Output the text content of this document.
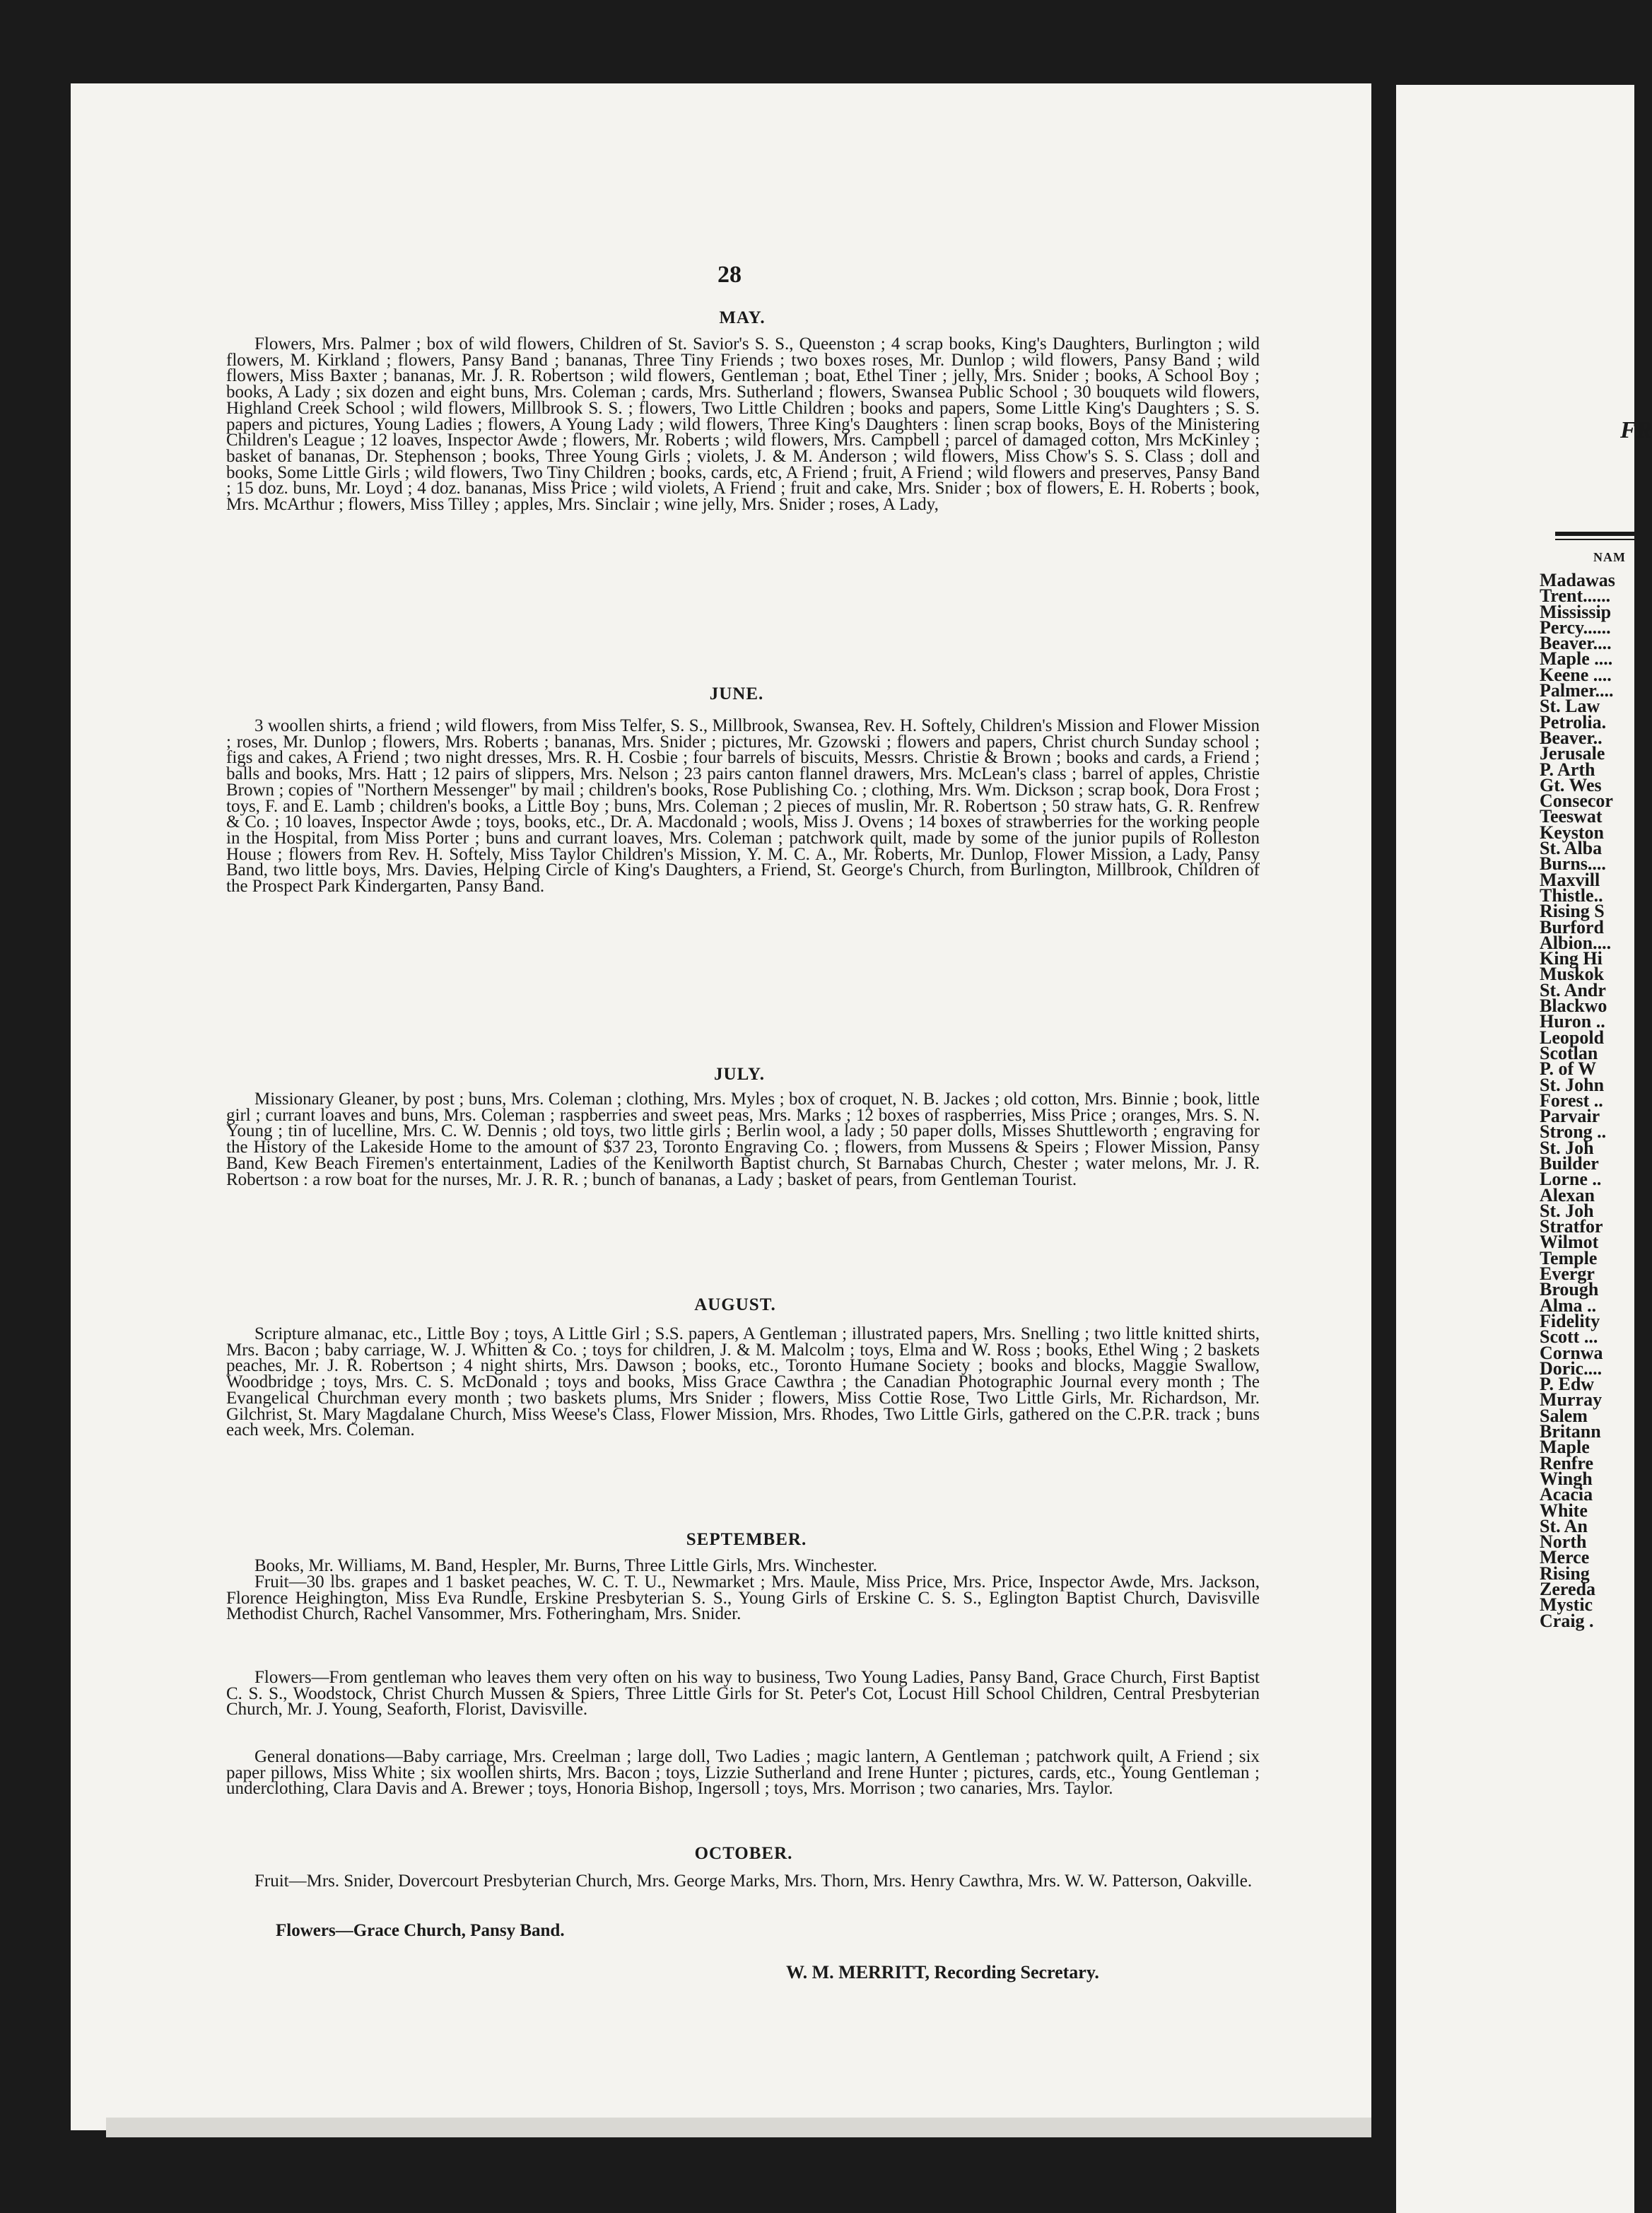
28
MAY.
Flowers, Mrs. Palmer ; box of wild flowers, Children of St. Savior's S. S., Queenston ; 4 scrap books, King's Daughters, Burlington ; wild flowers, M. Kirkland ; flowers, Pansy Band ; bananas, Three Tiny Friends ; two boxes roses, Mr. Dunlop ; wild flowers, Pansy Band ; wild flowers, Miss Baxter ; bananas, Mr. J. R. Robertson ; wild flowers, Gentleman ; boat, Ethel Tiner ; jelly, Mrs. Snider ; books, A School Boy ; books, A Lady ; six dozen and eight buns, Mrs. Coleman ; cards, Mrs. Sutherland ; flowers, Swansea Public School ; 30 bouquets wild flowers, Highland Creek School ; wild flowers, Millbrook S. S. ; flowers, Two Little Children ; books and papers, Some Little King's Daughters ; S. S. papers and pictures, Young Ladies ; flowers, A Young Lady ; wild flowers, Three King's Daughters : linen scrap books, Boys of the Ministering Children's League ; 12 loaves, Inspector Awde ; flowers, Mr. Roberts ; wild flowers, Mrs. Campbell ; parcel of damaged cotton, Mrs McKinley ; basket of bananas, Dr. Stephenson ; books, Three Young Girls ; violets, J. & M. Anderson ; wild flowers, Miss Chow's S. S. Class ; doll and books, Some Little Girls ; wild flowers, Two Tiny Children ; books, cards, etc, A Friend ; fruit, A Friend ; wild flowers and preserves, Pansy Band ; 15 doz. buns, Mr. Loyd ; 4 doz. bananas, Miss Price ; wild violets, A Friend ; fruit and cake, Mrs. Snider ; box of flowers, E. H. Roberts ; book, Mrs. McArthur ; flowers, Miss Tilley ; apples, Mrs. Sinclair ; wine jelly, Mrs. Snider ; roses, A Lady,
JUNE.
3 woollen shirts, a friend ; wild flowers, from Miss Telfer, S. S., Millbrook, Swansea, Rev. H. Softely, Children's Mission and Flower Mission ; roses, Mr. Dunlop ; flowers, Mrs. Roberts ; bananas, Mrs. Snider ; pictures, Mr. Gzowski ; flowers and papers, Christ church Sunday school ; figs and cakes, A Friend ; two night dresses, Mrs. R. H. Cosbie ; four barrels of biscuits, Messrs. Christie & Brown ; books and cards, a Friend ; balls and books, Mrs. Hatt ; 12 pairs of slippers, Mrs. Nelson ; 23 pairs canton flannel drawers, Mrs. McLean's class ; barrel of apples, Christie Brown ; copies of "Northern Messenger" by mail ; children's books, Rose Publishing Co. ; clothing, Mrs. Wm. Dickson ; scrap book, Dora Frost ; toys, F. and E. Lamb ; children's books, a Little Boy ; buns, Mrs. Coleman ; 2 pieces of muslin, Mr. R. Robertson ; 50 straw hats, G. R. Renfrew & Co. ; 10 loaves, Inspector Awde ; toys, books, etc., Dr. A. Macdonald ; wools, Miss J. Ovens ; 14 boxes of strawberries for the working people in the Hospital, from Miss Porter ; buns and currant loaves, Mrs. Coleman ; patchwork quilt, made by some of the junior pupils of Rolleston House ; flowers from Rev. H. Softely, Miss Taylor Children's Mission, Y. M. C. A., Mr. Roberts, Mr. Dunlop, Flower Mission, a Lady, Pansy Band, two little boys, Mrs. Davies, Helping Circle of King's Daughters, a Friend, St. George's Church, from Burlington, Millbrook, Children of the Prospect Park Kindergarten, Pansy Band.
JULY.
Missionary Gleaner, by post ; buns, Mrs. Coleman ; clothing, Mrs. Myles ; box of croquet, N. B. Jackes ; old cotton, Mrs. Binnie ; book, little girl ; currant loaves and buns, Mrs. Coleman ; raspberries and sweet peas, Mrs. Marks ; 12 boxes of raspberries, Miss Price ; oranges, Mrs. S. N. Young ; tin of lucelline, Mrs. C. W. Dennis ; old toys, two little girls ; Berlin wool, a lady ; 50 paper dolls, Misses Shuttleworth ; engraving for the History of the Lakeside Home to the amount of $37 23, Toronto Engraving Co. ; flowers, from Mussens & Speirs ; Flower Mission, Pansy Band, Kew Beach Firemen's entertainment, Ladies of the Kenilworth Baptist church, St Barnabas Church, Chester ; water melons, Mr. J. R. Robertson : a row boat for the nurses, Mr. J. R. R. ; bunch of bananas, a Lady ; basket of pears, from Gentleman Tourist.
AUGUST.
Scripture almanac, etc., Little Boy ; toys, A Little Girl ; S.S. papers, A Gentleman ; illustrated papers, Mrs. Snelling ; two little knitted shirts, Mrs. Bacon ; baby carriage, W. J. Whitten & Co. ; toys for children, J. & M. Malcolm ; toys, Elma and W. Ross ; books, Ethel Wing ; 2 baskets peaches, Mr. J. R. Robertson ; 4 night shirts, Mrs. Dawson ; books, etc., Toronto Humane Society ; books and blocks, Maggie Swallow, Woodbridge ; toys, Mrs. C. S. McDonald ; toys and books, Miss Grace Cawthra ; the Canadian Photographic Journal every month ; The Evangelical Churchman every month ; two baskets plums, Mrs Snider ; flowers, Miss Cottie Rose, Two Little Girls, Mr. Richardson, Mr. Gilchrist, St. Mary Magdalane Church, Miss Weese's Class, Flower Mission, Mrs. Rhodes, Two Little Girls, gathered on the C.P.R. track ; buns each week, Mrs. Coleman.
SEPTEMBER.
Books, Mr. Williams, M. Band, Hespler, Mr. Burns, Three Little Girls, Mrs. Winchester.
Fruit—30 lbs. grapes and 1 basket peaches, W. C. T. U., Newmarket ; Mrs. Maule, Miss Price, Mrs. Price, Inspector Awde, Mrs. Jackson, Florence Heighington, Miss Eva Rundle, Erskine Presbyterian S. S., Young Girls of Erskine C. S. S., Eglington Baptist Church, Davisville Methodist Church, Rachel Vansommer, Mrs. Fotheringham, Mrs. Snider.
Flowers—From gentleman who leaves them very often on his way to business, Two Young Ladies, Pansy Band, Grace Church, First Baptist C. S. S., Woodstock, Christ Church Mussen & Spiers, Three Little Girls for St. Peter's Cot, Locust Hill School Children, Central Presbyterian Church, Mr. J. Young, Seaforth, Florist, Davisville.
General donations—Baby carriage, Mrs. Creelman ; large doll, Two Ladies ; magic lantern, A Gentleman ; patchwork quilt, A Friend ; six paper pillows, Miss White ; six woollen shirts, Mrs. Bacon ; toys, Lizzie Sutherland and Irene Hunter ; pictures, cards, etc., Young Gentleman ; underclothing, Clara Davis and A. Brewer ; toys, Honoria Bishop, Ingersoll ; toys, Mrs. Morrison ; two canaries, Mrs. Taylor.
OCTOBER.
Fruit—Mrs. Snider, Dovercourt Presbyterian Church, Mrs. George Marks, Mrs. Thorn, Mrs. Henry Cawthra, Mrs. W. W. Patterson, Oakville.
Flowers—Grace Church, Pansy Band.
W. M. MERRITT, Recording Secretary.
FR
NAM
Madawas
Trent......
Mississip
Percy......
Beaver....
Maple ....
Keene ....
Palmer....
St. Law
Petrolia.
Beaver..
Jerusale
P. Arth
Gt. Wes
Consecor
Teeswat
Keyston
St. Alba
Burns....
Maxvill
Thistle..
Rising S
Burford
Albion....
King Hi
Muskok
St. Andr
Blackwo
Huron ..
Leopold
Scotlan
P. of W
St. John
Forest ..
Parvair
Strong ..
St. Joh
Builder
Lorne ..
Alexan
St. Joh
Stratfor
Wilmot
Temple
Evergr
Brough
Alma ..
Fidelity
Scott ...
Cornwa
Doric....
P. Edw
Murray
Salem
Britann
Maple
Renfre
Wingh
Acacia
White
St. An
North
Merce
Rising
Zereda
Mystic
Craig .
